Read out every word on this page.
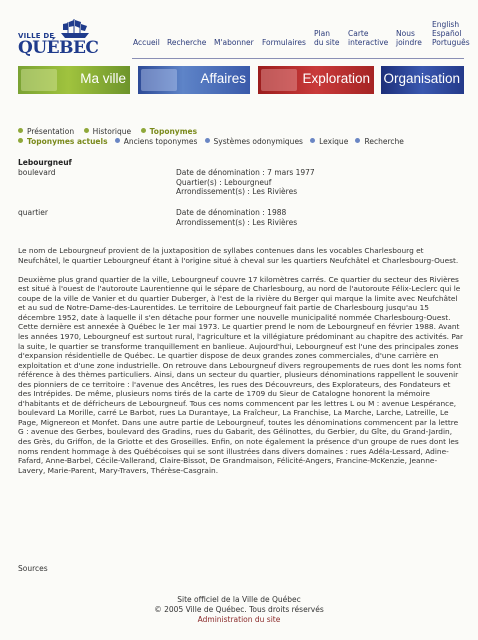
VILLE DE
QUÉBEC	Accueil Recherche M'abonner Formulaires
Plan
du site
Carte
interactive
Nous
joindre
English
Español
Português
Ma ville	Affaires	Exploration Organisation
Présentation Historique Toponymes
Toponymes actuels Anciens toponymes Systèmes odonymiques Lexique Recherche
Lebourgneuf
boulevard	Date de dénomination : 7 mars 1977
Quartier(s) : Lebourgneuf
Arrondissement(s) : Les Rivières
quartier	Date de dénomination : 1988
Arrondissement(s) : Les Rivières

Le nom de Lebourgneuf provient de la juxtaposition de syllabes contenues dans les vocables Charlesbourg et Neufchâtel, le quartier Lebourgneuf étant à l'origine situé à cheval sur les quartiers Neufchâtel et Charlesbourg-Ouest.

Deuxième plus grand quartier de la ville, Lebourgneuf couvre 17 kilomètres carrés. Ce quartier du secteur des Rivières est situé à l'ouest de l'autoroute Laurentienne qui le sépare de Charlesbourg, au nord de l'autoroute Félix-Leclerc qui le coupe de la ville de Vanier et du quartier Duberger, à l'est de la rivière du Berger qui marque la limite avec Neufchâtel et au sud de Notre-Dame-des-Laurentides. Le territoire de Lebourgneuf fait partie de Charlesbourg jusqu'au 15 décembre 1952, date à laquelle il s'en détache pour former une nouvelle municipalité nommée Charlesbourg-Ouest. Cette dernière est annexée à Québec le 1er mai 1973. Le quartier prend le nom de Lebourgneuf en février 1988. Avant les années 1970, Lebourgneuf est surtout rural, l'agriculture et la villégiature prédominant au chapitre des activités. Par la suite, le quartier se transforme tranquillement en banlieue. Aujourd'hui, Lebourgneuf est l'une des principales zones d'expansion résidentielle de Québec. Le quartier dispose de deux grandes zones commerciales, d'une carrière en exploitation et d'une zone industrielle. On retrouve dans Lebourgneuf divers regroupements de rues dont les noms font référence à des thèmes particuliers. Ainsi, dans un secteur du quartier, plusieurs dénominations rappellent le souvenir des pionniers de ce territoire : l'avenue des Ancêtres, les rues des Découvreurs, des Explorateurs, des Fondateurs et des Intrépides. De même, plusieurs noms tirés de la carte de 1709 du Sieur de Catalogne honorent la mémoire d'habitants et de défricheurs de Lebourgneuf. Tous ces noms commencent par les lettres L ou M : avenue Lespérance, boulevard La Morille, carré Le Barbot, rues La Durantaye, La Fraîcheur, La Franchise, La Marche, Larche, Latreille, Le Page, Mignereon et Monfet. Dans une autre partie de Lebourgneuf, toutes les dénominations commencent par la lettre G : avenue des Gerbes, boulevard des Gradins, rues du Gabarit, des Gélinottes, du Gerbier, du Gîte, du Grand-Jardin, des Grès, du Griffon, de la Griotte et des Groseilles. Enfin, on note également la présence d'un groupe de rues dont les noms rendent hommage à des Québécoises qui se sont illustrées dans divers domaines : rues Adéla-Lessard, Adine-Fafard, Anne-Barbel, Cécile-Vallerand, Claire-Bissot, De Grandmaison, Félicité-Angers, Francine-McKenzie, Jeanne-Lavery, Marie-Parent, Mary-Travers, Thérèse-Casgrain.

Sources
Site officiel de la Ville de Québec
© 2005 Ville de Québec. Tous droits réservés
Administration du site
